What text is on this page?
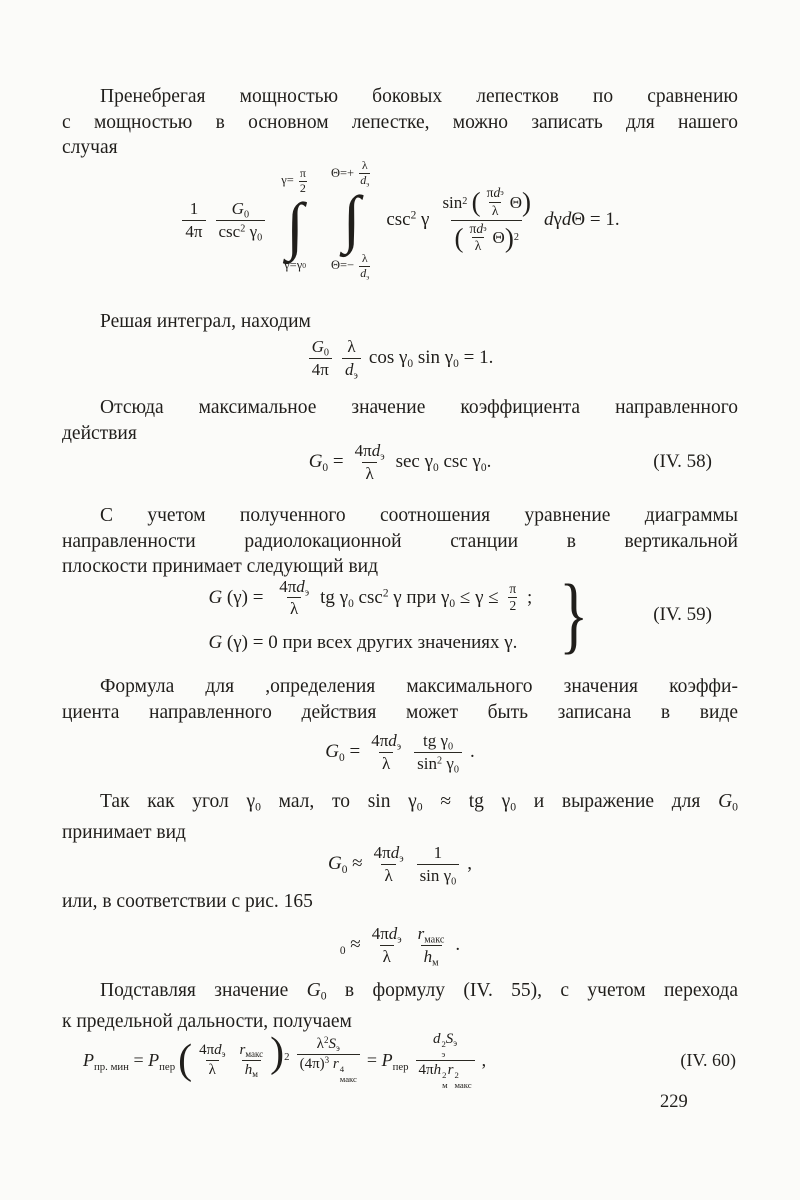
Пренебрегая мощностью боковых лепестков по сравнению
с мощностью в основном лепестке, можно записать для нашего
случая
$\frac{1}{4\pi} \frac{G_0}{\csc^2 \gamma_0}$
$\gamma= \frac{\pi}{2}$
∫
γ=γ 0
$\Theta=+ \frac{\lambda}{d_э}$
∫
$\Theta=- \frac{\lambda}{d_э}$
$\csc^2 \gamma$ sin 2
( $\frac{\text{π d э}}{\lambda}$ Θ )
( $\frac{\text{π d э}}{\lambda}$ Θ ) 2 dγdΘ = 1.
Решая интеграл, находим
$\frac{G_0}{4\pi} \frac{\lambda}{d_э}$ $\cos \gamma_0$ $\sin \gamma_0 = 1$.
Отсюда максимальное значение коэффициента направленного
действия
$G_0 = \frac{4\pi d_э}{\lambda}$ $\sec \gamma_0$ $\csc \gamma_0$.	(IV. 58)
С учетом полученного соотношения уравнение диаграммы
направленности радиолокационной станции в вертикальной
плоскости принимает следующий вид
G $(\gamma) = \frac{4\pi d_э}{\lambda}$ tg $\gamma_0$ $\csc^2 \gamma$ при $\gamma_0 \le \gamma \le \frac{\pi}{2}$ ;
G (γ) = 0 при всех других значениях γ. }	(IV. 59)
Формула для ,определения максимального значения коэффи-
циента направленного действия может быть записана в виде
$G_0 = \frac{4\pi d_э}{\lambda} \frac{tg \gamma_0}{\sin^2 \gamma_0}$ .
Так как угол $\gamma_0$ мал, то $\sin \gamma_0$ ≈ tg $\gamma_0$ и выражение для $G_0$
принимает вид
$G_0 \approx \frac{4\pi d_э}{\lambda} \frac{1}{\sin \gamma_0}$ ,
или, в соответствии с рис. 165
$_0 \approx \frac{4\pi d_э}{\lambda} \frac{r_{макс}}{h_м}$ .
Подставляя значение $G_0$ в формулу (IV. 55), с учетом перехода
к предельной дальности, получаем
$P_{пр. мин} = P_{пер}$ ( $\frac{4\pi d_э}{\lambda} \frac{r_{макс}}{h_м} )^2$ $\lambda^2S_э$
$(4\pi)^3$ r 4
макс = $P_{пер}$ d 2
э
$S_э$
4πh 2
м
r 2
макс ,	(IV. 60)
229
